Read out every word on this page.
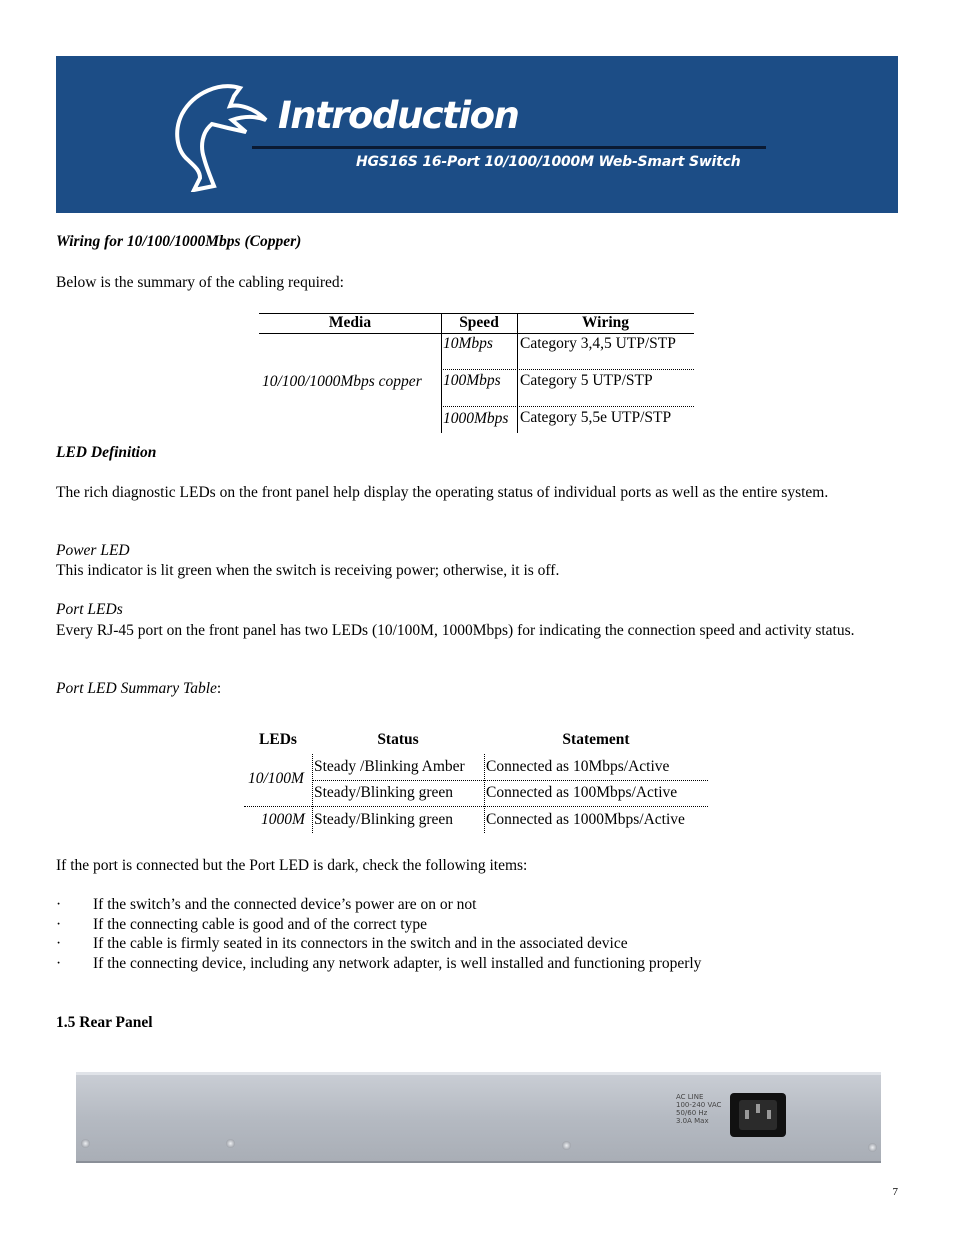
Introduction
HGS16S 16-Port 10/100/1000M Web-Smart Switch
Wiring for 10/100/1000Mbps (Copper)
Below is the summary of the cabling required:
Media	Speed	Wiring
10/100/1000Mbps copper
10Mbps Category 3,4,5 UTP/STP
100Mbps Category 5 UTP/STP
1000Mbps Category 5,5e UTP/STP
LED Definition

The rich diagnostic LEDs on the front panel help display the operating status of individual ports as well as the entire system.

Power LED
This indicator is lit green when the switch is receiving power; otherwise, it is off.
Port LEDs

Every RJ-45 port on the front panel has two LEDs (10/100M, 1000Mbps) for indicating the connection speed and activity status.

Port LED Summary Table:
LEDs	Status	Statement
10/100M
Steady /Blinking Amber Connected as 10Mbps/Active
Steady/Blinking green Connected as 100Mbps/Active
1000M Steady/Blinking green Connected as 1000Mbps/Active
If the port is connected but the Port LED is dark, check the following items:
· If the switch’s and the connected device’s power are on or not
· If the connecting cable is good and of the correct type
· If the cable is firmly seated in its connectors in the switch and in the associated device
· If the connecting device, including any network adapter, is well installed and functioning properly
1.5 Rear Panel
AC LINE
100-240 VAC
50/60 Hz
3.0A Max
7
